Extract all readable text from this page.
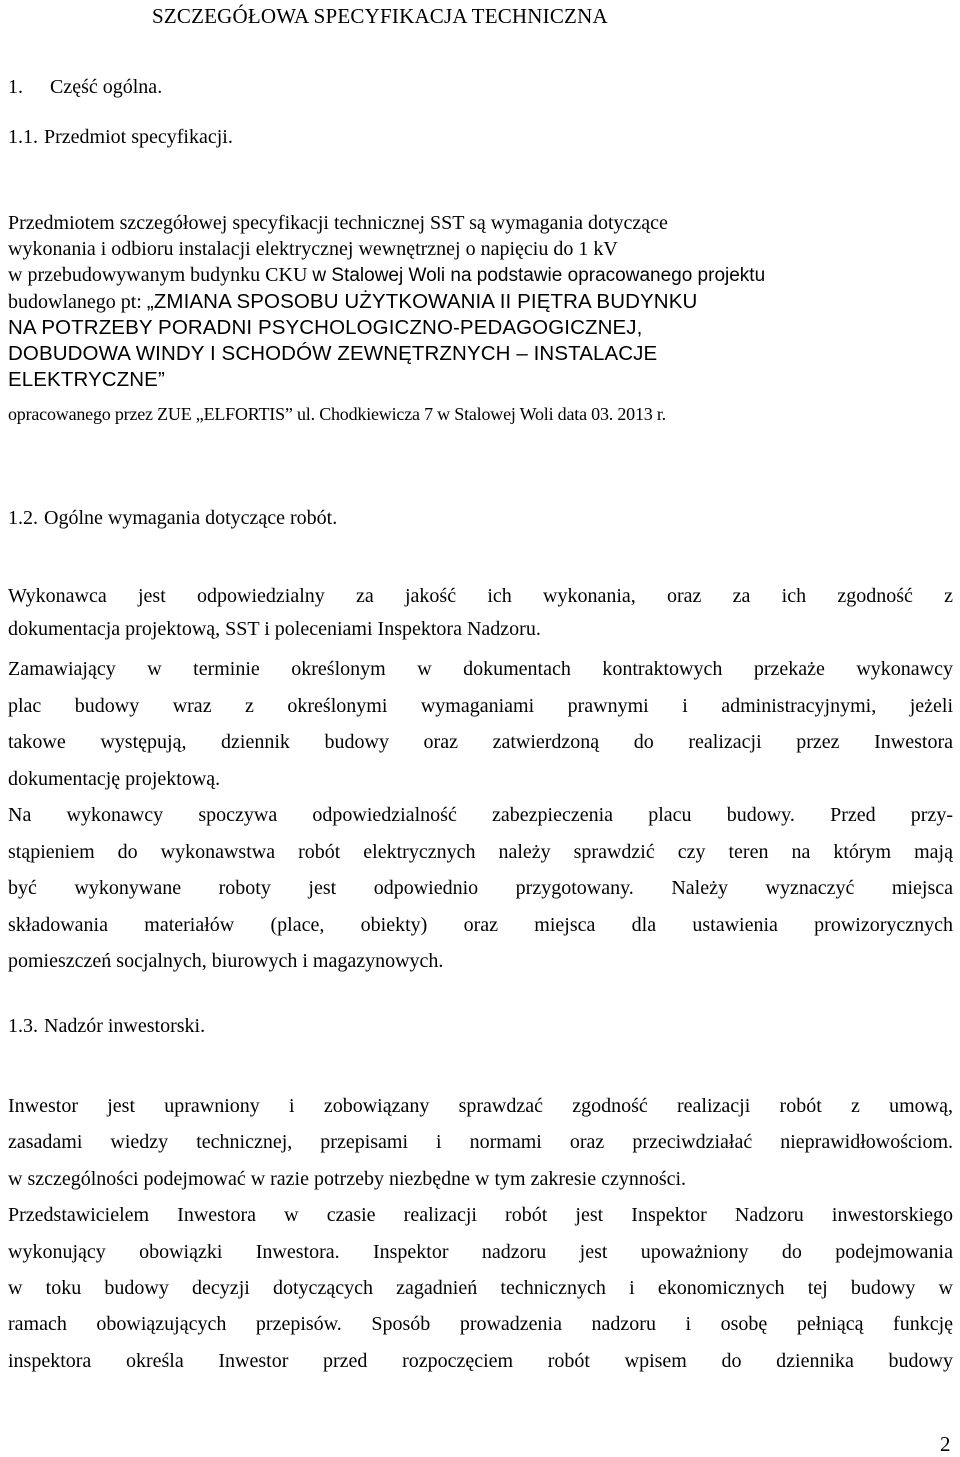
SZCZEGÓŁOWA SPECYFIKACJA TECHNICZNA
1. Część ogólna.
1.1. Przedmiot specyfikacji.
Przedmiotem szczegółowej specyfikacji technicznej SST są wymagania dotyczące
wykonania i odbioru instalacji elektrycznej wewnętrznej o napięciu do 1 kV
w przebudowywanym budynku CKU w Stalowej Woli na podstawie opracowanego projektu
budowlanego pt: „ZMIANA SPOSOBU UŻYTKOWANIA II PIĘTRA BUDYNKU
NA POTRZEBY PORADNI PSYCHOLOGICZNO-PEDAGOGICZNEJ,
DOBUDOWA WINDY I SCHODÓW ZEWNĘTRZNYCH – INSTALACJE
ELEKTRYCZNE”
opracowanego przez ZUE „ELFORTIS” ul. Chodkiewicza 7 w Stalowej Woli data 03. 2013 r.
1.2. Ogólne wymagania dotyczące robót.
Wykonawca jest odpowiedzialny za jakość ich wykonania, oraz za ich zgodność z
dokumentacja projektową, SST i poleceniami Inspektora Nadzoru.
Zamawiający w terminie określonym w dokumentach kontraktowych przekaże wykonawcy
plac budowy wraz z określonymi wymaganiami prawnymi i administracyjnymi, jeżeli
takowe występują, dziennik budowy oraz zatwierdzoną do realizacji przez Inwestora
dokumentację projektową.
Na wykonawcy spoczywa odpowiedzialność zabezpieczenia placu budowy. Przed przy-
stąpieniem do wykonawstwa robót elektrycznych należy sprawdzić czy teren na którym mają
być wykonywane roboty jest odpowiednio przygotowany. Należy wyznaczyć miejsca
składowania materiałów (place, obiekty) oraz miejsca dla ustawienia prowizorycznych
pomieszczeń socjalnych, biurowych i magazynowych.
1.3. Nadzór inwestorski.
Inwestor jest uprawniony i zobowiązany sprawdzać zgodność realizacji robót z umową,
zasadami wiedzy technicznej, przepisami i normami oraz przeciwdziałać nieprawidłowościom.
w szczególności podejmować w razie potrzeby niezbędne w tym zakresie czynności.
Przedstawicielem Inwestora w czasie realizacji robót jest Inspektor Nadzoru inwestorskiego
wykonujący obowiązki Inwestora. Inspektor nadzoru jest upoważniony do podejmowania
w toku budowy decyzji dotyczących zagadnień technicznych i ekonomicznych tej budowy w
ramach obowiązujących przepisów. Sposób prowadzenia nadzoru i osobę pełniącą funkcję
inspektora określa Inwestor przed rozpoczęciem robót wpisem do dziennika budowy
2
